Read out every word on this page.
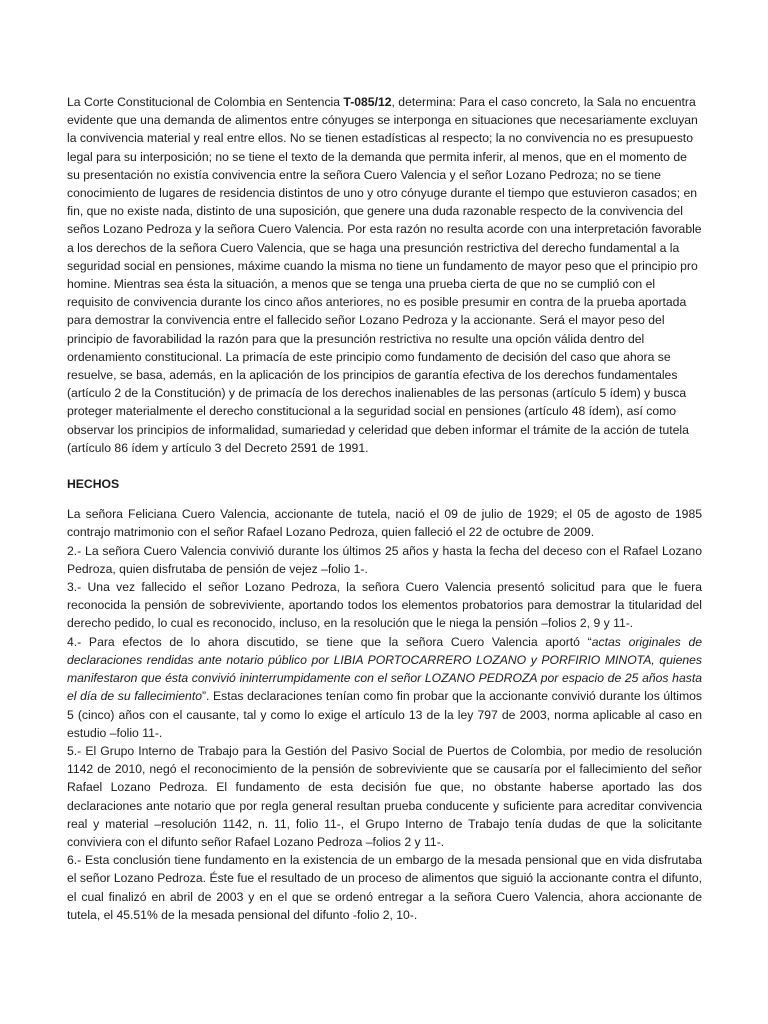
La Corte Constitucional de Colombia en Sentencia T-085/12, determina: Para el caso concreto, la Sala no encuentra evidente que una demanda de alimentos entre cónyuges se interponga en situaciones que necesariamente excluyan la convivencia material y real entre ellos. No se tienen estadísticas al respecto; la no convivencia no es presupuesto legal para su interposición; no se tiene el texto de la demanda que permita inferir, al menos, que en el momento de su presentación no existía convivencia entre la señora Cuero Valencia y el señor Lozano Pedroza; no se tiene conocimiento de lugares de residencia distintos de uno y otro cónyuge durante el tiempo que estuvieron casados; en fin, que no existe nada, distinto de una suposición, que genere una duda razonable respecto de la convivencia del seños Lozano Pedroza y la señora Cuero Valencia. Por esta razón no resulta acorde con una interpretación favorable a los derechos de la señora Cuero Valencia, que se haga una presunción restrictiva del derecho fundamental a la seguridad social en pensiones, máxime cuando la misma no tiene un fundamento de mayor peso que el principio pro homine. Mientras sea ésta la situación, a menos que se tenga una prueba cierta de que no se cumplió con el requisito de convivencia durante los cinco años anteriores, no es posible presumir en contra de la prueba aportada para demostrar la convivencia entre el fallecido señor Lozano Pedroza y la accionante. Será el mayor peso del principio de favorabilidad la razón para que la presunción restrictiva no resulte una opción válida dentro del ordenamiento constitucional. La primacía de este principio como fundamento de decisión del caso que ahora se resuelve, se basa, además, en la aplicación de los principios de garantía efectiva de los derechos fundamentales (artículo 2 de la Constitución) y de primacía de los derechos inalienables de las personas (artículo 5 ídem) y busca proteger materialmente el derecho constitucional a la seguridad social en pensiones (artículo 48 ídem), así como observar los principios de informalidad, sumariedad y celeridad que deben informar el trámite de la acción de tutela (artículo 86 ídem y artículo 3 del Decreto 2591 de 1991.

HECHOS

La señora Feliciana Cuero Valencia, accionante de tutela, nació el 09 de julio de 1929; el 05 de agosto de 1985 contrajo matrimonio con el señor Rafael Lozano Pedroza, quien falleció el 22 de octubre de 2009.

2.- La señora Cuero Valencia convivió durante los últimos 25 años y hasta la fecha del deceso con el Rafael Lozano Pedroza, quien disfrutaba de pensión de vejez –folio 1-.

3.- Una vez fallecido el señor Lozano Pedroza, la señora Cuero Valencia presentó solicitud para que le fuera reconocida la pensión de sobreviviente, aportando todos los elementos probatorios para demostrar la titularidad del derecho pedido, lo cual es reconocido, incluso, en la resolución que le niega la pensión –folios 2, 9 y 11-.

4.- Para efectos de lo ahora discutido, se tiene que la señora Cuero Valencia aportó “actas originales de declaraciones rendidas ante notario público por LIBIA PORTOCARRERO LOZANO y PORFIRIO MINOTA, quienes manifestaron que ésta convivió ininterrumpidamente con el señor LOZANO PEDROZA por espacio de 25 años hasta el día de su fallecimiento”. Estas declaraciones tenían como fin probar que la accionante convivió durante los últimos 5 (cinco) años con el causante, tal y como lo exige el artículo 13 de la ley 797 de 2003, norma aplicable al caso en estudio –folio 11-.

5.- El Grupo Interno de Trabajo para la Gestión del Pasivo Social de Puertos de Colombia, por medio de resolución 1142 de 2010, negó el reconocimiento de la pensión de sobreviviente que se causaría por el fallecimiento del señor Rafael Lozano Pedroza. El fundamento de esta decisión fue que, no obstante haberse aportado las dos declaraciones ante notario que por regla general resultan prueba conducente y suficiente para acreditar convivencia real y material –resolución 1142, n. 11, folio 11-, el Grupo Interno de Trabajo tenía dudas de que la solicitante conviviera con el difunto señor Rafael Lozano Pedroza –folios 2 y 11-.

6.- Esta conclusión tiene fundamento en la existencia de un embargo de la mesada pensional que en vida disfrutaba el señor Lozano Pedroza. Éste fue el resultado de un proceso de alimentos que siguió la accionante contra el difunto, el cual finalizó en abril de 2003 y en el que se ordenó entregar a la señora Cuero Valencia, ahora accionante de tutela, el 45.51% de la mesada pensional del difunto -folio 2, 10-.
